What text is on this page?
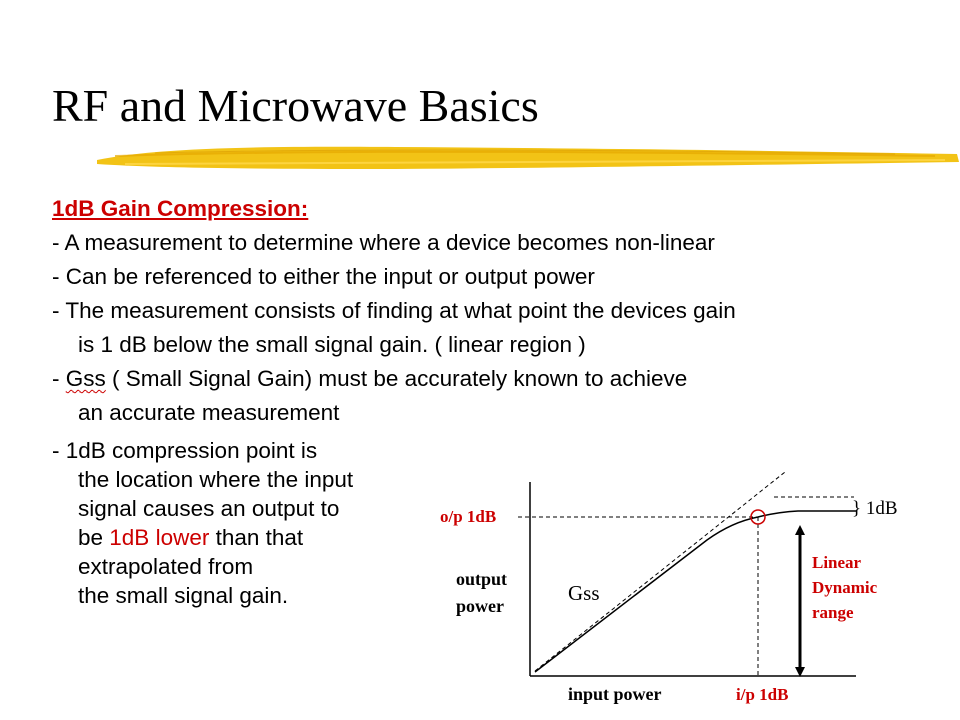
RF and Microwave Basics
1dB Gain Compression:
- A measurement to determine where a device becomes non-linear
- Can be referenced to either the input or output power
- The measurement consists of finding at what point the devices gain
is 1 dB below the small signal gain. ( linear region )
- Gss ( Small Signal Gain) must be accurately known to achieve
an accurate measurement
- 1dB compression point is
the location where the input
signal causes an output to
be 1dB lower than that
extrapolated from
the small signal gain.
o/p 1dB
output
power
Gss
} 1dB
Linear
Dynamic
range
input power	i/p 1dB
